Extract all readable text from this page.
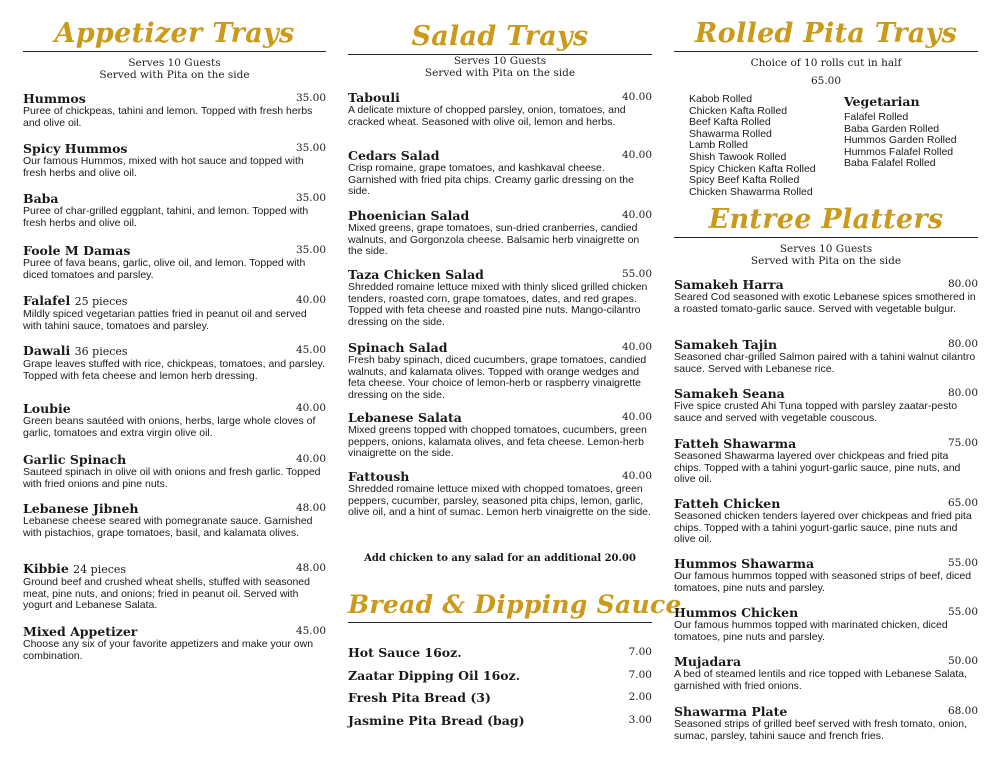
Appetizer Trays
Serves 10 Guests
Served with Pita on the side
Hummos	35.00
Puree of chickpeas, tahini and lemon. Topped with fresh herbs and olive oil.
Spicy Hummos	35.00
Our famous Hummos, mixed with hot sauce and topped with fresh herbs and olive oil.
Baba	35.00
Puree of char-grilled eggplant, tahini, and lemon. Topped with fresh herbs and olive oil.
Foole M Damas	35.00
Puree of fava beans, garlic, olive oil, and lemon. Topped with diced tomatoes and parsley.
Falafel 25 pieces	40.00
Mildly spiced vegetarian patties fried in peanut oil and served with tahini sauce, tomatoes and parsley.
Dawali 36 pieces	45.00
Grape leaves stuffed with rice, chickpeas, tomatoes, and parsley. Topped with feta cheese and lemon herb dressing.
Loubie	40.00
Green beans sautéed with onions, herbs, large whole cloves of garlic, tomatoes and extra virgin olive oil.
Garlic Spinach	40.00
Sauteed spinach in olive oil with onions and fresh garlic. Topped with fried onions and pine nuts.
Lebanese Jibneh	48.00
Lebanese cheese seared with pomegranate sauce. Garnished with pistachios, grape tomatoes, basil, and kalamata olives.
Kibbie 24 pieces	48.00
Ground beef and crushed wheat shells, stuffed with seasoned meat, pine nuts, and onions; fried in peanut oil. Served with yogurt and Lebanese Salata.
Mixed Appetizer	45.00
Choose any six of your favorite appetizers and make your own combination.
Salad Trays
Serves 10 Guests
Served with Pita on the side
Tabouli	40.00
A delicate mixture of chopped parsley, onion, tomatoes, and cracked wheat. Seasoned with olive oil, lemon and herbs.
Cedars Salad	40.00
Crisp romaine, grape tomatoes, and kashkaval cheese. Garnished with fried pita chips. Creamy garlic dressing on the side.
Phoenician Salad	40.00
Mixed greens, grape tomatoes, sun-dried cranberries, candied walnuts, and Gorgonzola cheese. Balsamic herb vinaigrette on the side.
Taza Chicken Salad	55.00
Shredded romaine lettuce mixed with thinly sliced grilled chicken tenders, roasted corn, grape tomatoes, dates, and red grapes. Topped with feta cheese and roasted pine nuts. Mango-cilantro dressing on the side.
Spinach Salad	40.00
Fresh baby spinach, diced cucumbers, grape tomatoes, candied walnuts, and kalamata olives. Topped with orange wedges and feta cheese. Your choice of lemon-herb or raspberry vinaigrette dressing on the side.
Lebanese Salata	40.00
Mixed greens topped with chopped tomatoes, cucumbers, green peppers, onions, kalamata olives, and feta cheese. Lemon-herb vinaigrette on the side.
Fattoush	40.00
Shredded romaine lettuce mixed with chopped tomatoes, green peppers, cucumber, parsley, seasoned pita chips, lemon, garlic, olive oil, and a hint of sumac. Lemon herb vinaigrette on the side.
Add chicken to any salad for an additional 20.00
Bread & Dipping Sauce
Hot Sauce 16oz.	7.00
Zaatar Dipping Oil 16oz.	7.00
Fresh Pita Bread (3)	2.00
Jasmine Pita Bread (bag)	3.00
Rolled Pita Trays
Choice of 10 rolls cut in half
65.00
Kabob Rolled
Chicken Kafta Rolled
Beef Kafta Rolled
Shawarma Rolled
Lamb Rolled
Shish Tawook Rolled
Spicy Chicken Kafta Rolled
Spicy Beef Kafta Rolled
Chicken Shawarma Rolled
Vegetarian
Falafel Rolled
Baba Garden Rolled
Hummos Garden Rolled
Hummos Falafel Rolled
Baba Falafel Rolled
Entree Platters
Serves 10 Guests
Served with Pita on the side
Samakeh Harra	80.00
Seared Cod seasoned with exotic Lebanese spices smothered in a roasted tomato-garlic sauce. Served with vegetable bulgur.
Samakeh Tajin	80.00
Seasoned char-grilled Salmon paired with a tahini walnut cilantro sauce. Served with Lebanese rice.
Samakeh Seana	80.00
Five spice crusted Ahi Tuna topped with parsley zaatar-pesto sauce and served with vegetable couscous.
Fatteh Shawarma	75.00
Seasoned Shawarma layered over chickpeas and fried pita chips. Topped with a tahini yogurt-garlic sauce, pine nuts, and olive oil.
Fatteh Chicken	65.00
Seasoned chicken tenders layered over chickpeas and fried pita chips. Topped with a tahini yogurt-garlic sauce, pine nuts and olive oil.
Hummos Shawarma	55.00
Our famous hummos topped with seasoned strips of beef, diced tomatoes, pine nuts and parsley.
Hummos Chicken	55.00
Our famous hummos topped with marinated chicken, diced tomatoes, pine nuts and parsley.
Mujadara	50.00
A bed of steamed lentils and rice topped with Lebanese Salata, garnished with fried onions.
Shawarma Plate	68.00
Seasoned strips of grilled beef served with fresh tomato, onion, sumac, parsley, tahini sauce and french fries.
